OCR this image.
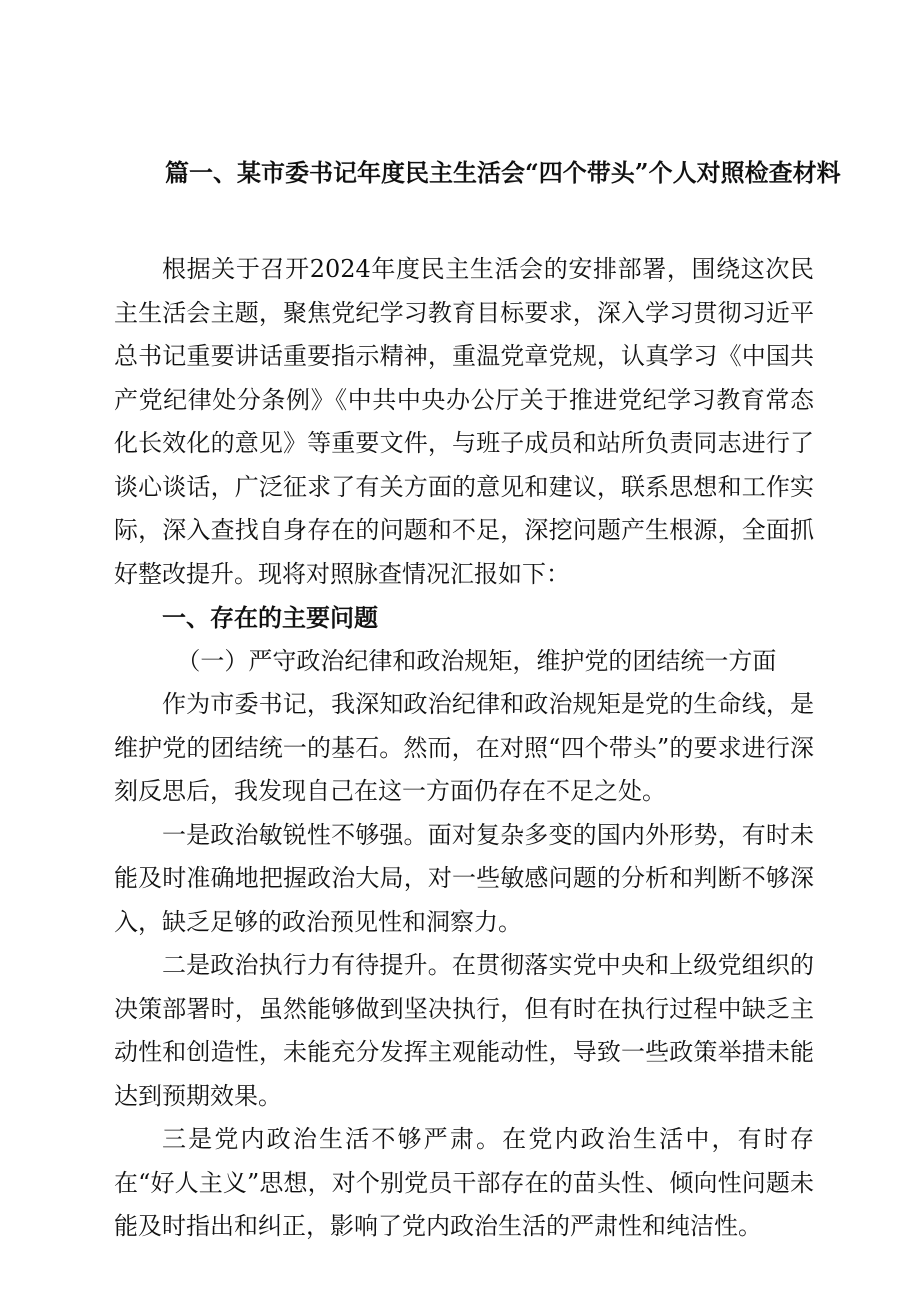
篇一、某市委书记年度民主生活会“四个带头”个人对照检查材料

根据关于召开2024年度民主生活会的安排部署，围绕这次民主生活会主题，聚焦党纪学习教育目标要求，深入学习贯彻习近平总书记重要讲话重要指示精神，重温党章党规，认真学习《中国共产党纪律处分条例》《中共中央办公厅关于推进党纪学习教育常态化长效化的意见》等重要文件，与班子成员和站所负责同志进行了谈心谈话，广泛征求了有关方面的意见和建议，联系思想和工作实际，深入查找自身存在的问题和不足，深挖问题产生根源，全面抓好整改提升。现将对照脉查情况汇报如下：

一、存在的主要问题

（一）严守政治纪律和政治规矩，维护党的团结统一方面

作为市委书记，我深知政治纪律和政治规矩是党的生命线，是维护党的团结统一的基石。然而，在对照“四个带头”的要求进行深刻反思后，我发现自己在这一方面仍存在不足之处。

一是政治敏锐性不够强。面对复杂多变的国内外形势，有时未能及时准确地把握政治大局，对一些敏感问题的分析和判断不够深入，缺乏足够的政治预见性和洞察力。

二是政治执行力有待提升。在贯彻落实党中央和上级党组织的决策部署时，虽然能够做到坚决执行，但有时在执行过程中缺乏主动性和创造性，未能充分发挥主观能动性，导致一些政策举措未能达到预期效果。

三是党内政治生活不够严肃。在党内政治生活中，有时存在“好人主义”思想，对个别党员干部存在的苗头性、倾向性问题未能及时指出和纠正，影响了党内政治生活的严肃性和纯洁性。
